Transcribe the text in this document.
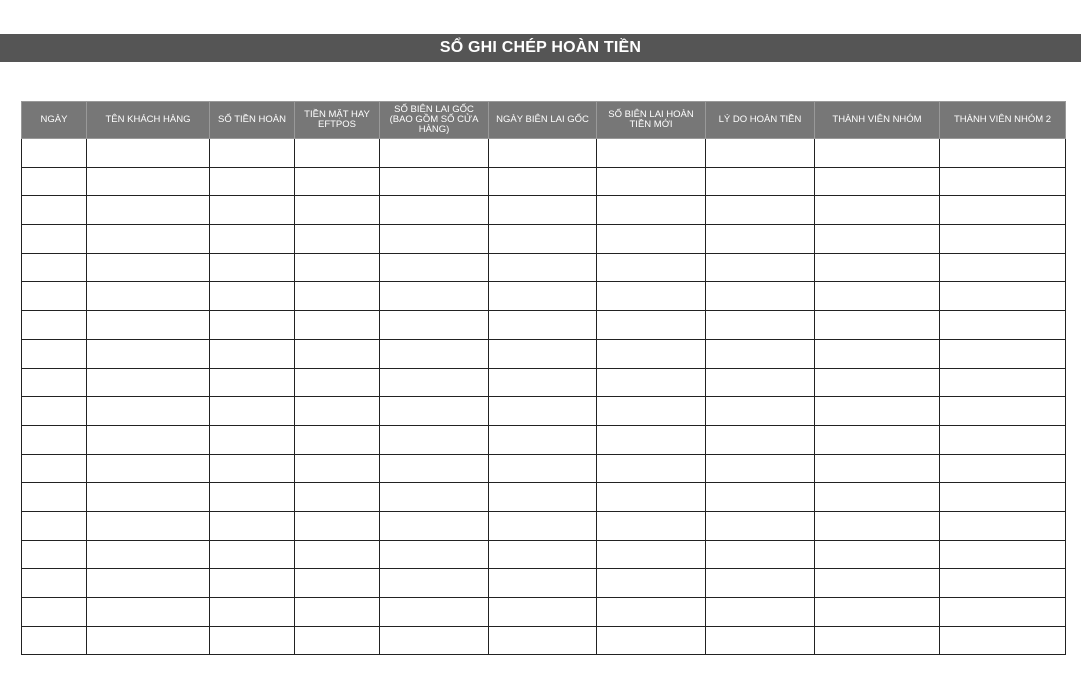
SỔ GHI CHÉP HOÀN TIỀN
NGÀY	TÊN KHÁCH HÀNG	SỐ TIỀN HOÀN	TIỀN MẶT HAY EFTPOS	SỐ BIÊN LAI GỐC (BAO GỒM SỐ CỬA HÀNG)	NGÀY BIÊN LAI GỐC	SỐ BIÊN LAI HOÀN TIỀN MỚI	LÝ DO HOÀN TIỀN	THÀNH VIÊN NHÓM	THÀNH VIÊN NHÓM 2
